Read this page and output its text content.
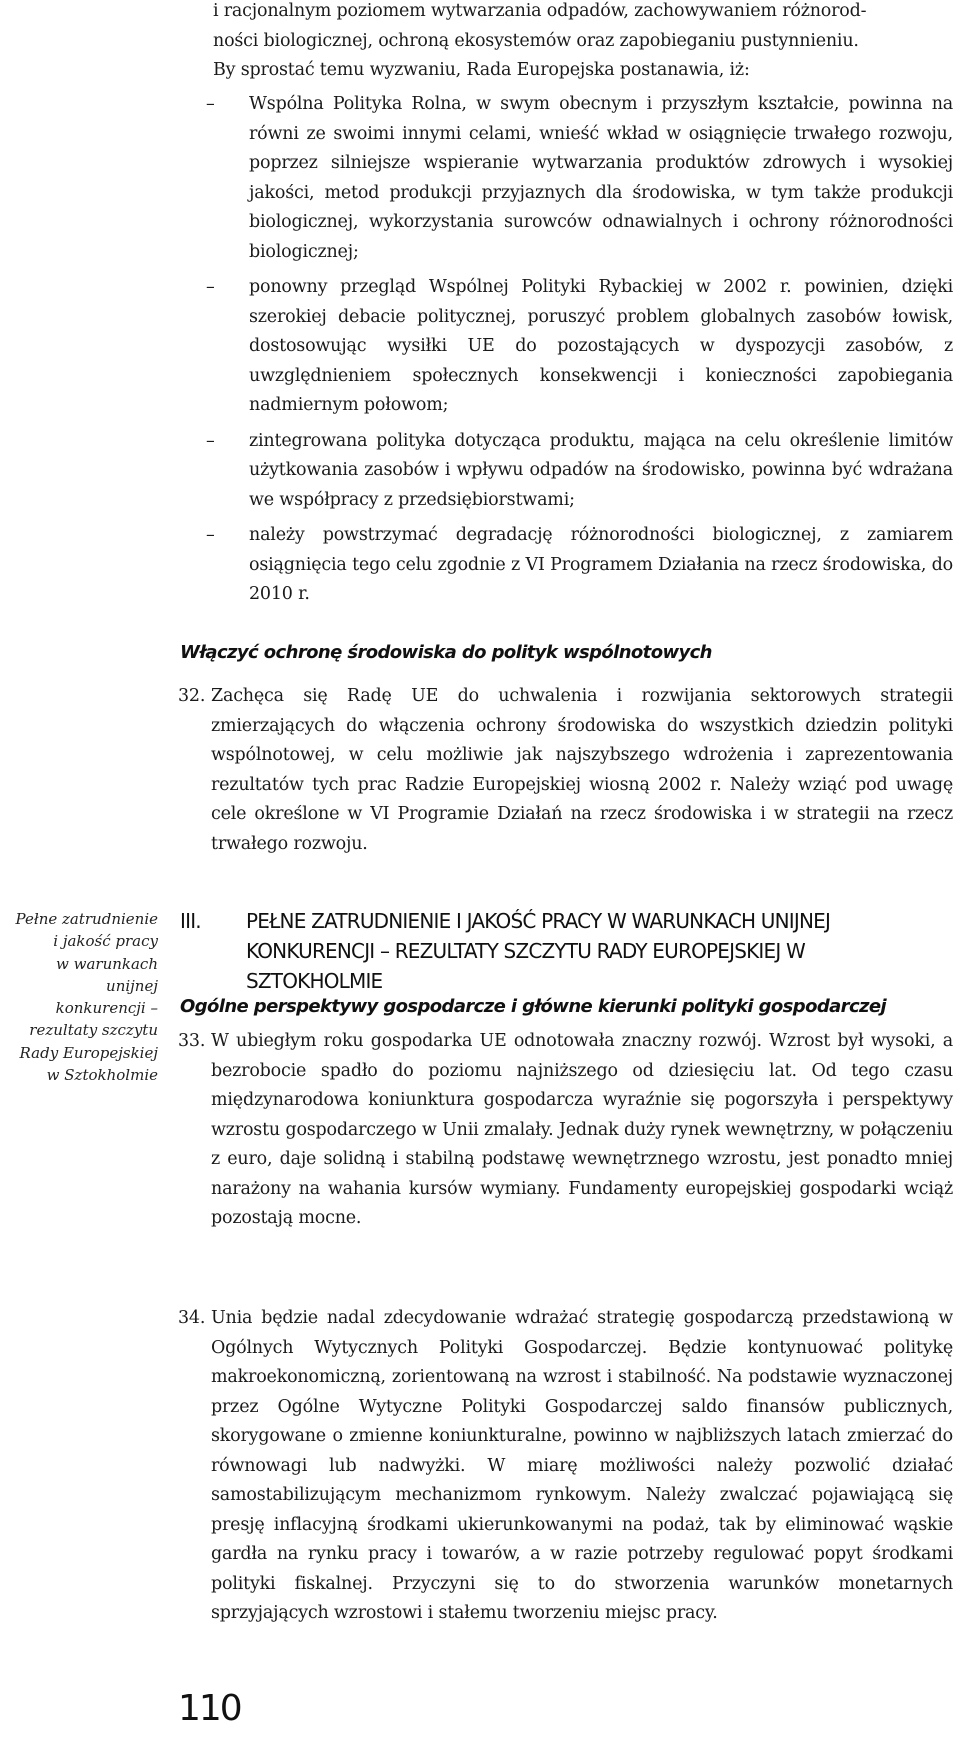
i racjonalnym poziomem wytwarzania odpadów, zachowywaniem różnorod-
ności biologicznej, ochroną ekosystemów oraz zapobieganiu pustynnieniu.
By sprostać temu wyzwaniu, Rada Europejska postanawia, iż:
– Wspólna Polityka Rolna, w swym obecnym i przyszłym kształcie, powinna na równi ze swoimi innymi celami, wnieść wkład w osiągnięcie trwałego rozwoju, poprzez silniejsze wspieranie wytwarzania produktów zdrowych i wysokiej jakości, metod produkcji przyjaznych dla środowiska, w tym także produkcji biologicznej, wykorzystania surowców odnawialnych i ochrony różnorodności biologicznej;
– ponowny przegląd Wspólnej Polityki Rybackiej w 2002 r. powinien, dzięki szerokiej debacie politycznej, poruszyć problem globalnych zasobów łowisk, dostosowując wysiłki UE do pozostających w dyspozycji zasobów, z uwzględnieniem społecznych konsekwencji i konieczności zapobiegania nadmiernym połowom;
– zintegrowana polityka dotycząca produktu, mająca na celu określenie limitów użytkowania zasobów i wpływu odpadów na środowisko, powinna być wdrażana we współpracy z przedsiębiorstwami;
– należy powstrzymać degradację różnorodności biologicznej, z zamiarem osiągnięcia tego celu zgodnie z VI Programem Działania na rzecz środowiska, do 2010 r.
Włączyć ochronę środowiska do polityk wspólnotowych
32. Zachęca się Radę UE do uchwalenia i rozwijania sektorowych strategii zmierzających do włączenia ochrony środowiska do wszystkich dziedzin polityki wspólnotowej, w celu możliwie jak najszybszego wdrożenia i zaprezentowania rezultatów tych prac Radzie Europejskiej wiosną 2002 r. Należy wziąć pod uwagę cele określone w VI Programie Działań na rzecz środowiska i w strategii na rzecz trwałego rozwoju.
Pełne zatrudnienie
i jakość pracy
w warunkach unijnej
konkurencji –
rezultaty szczytu
Rady Europejskiej
w Sztokholmie
III. PEŁNE ZATRUDNIENIE I JAKOŚĆ PRACY W WARUNKACH UNIJNEJ KONKURENCJI – REZULTATY SZCZYTU RADY EUROPEJSKIEJ W SZTOKHOLMIE
Ogólne perspektywy gospodarcze i główne kierunki polityki gospodarczej
33. W ubiegłym roku gospodarka UE odnotowała znaczny rozwój. Wzrost był wysoki, a bezrobocie spadło do poziomu najniższego od dziesięciu lat. Od tego czasu międzynarodowa koniunktura gospodarcza wyraźnie się pogorszyła i perspektywy wzrostu gospodarczego w Unii zmalały. Jednak duży rynek wewnętrzny, w połączeniu z euro, daje solidną i stabilną podstawę wewnętrznego wzrostu, jest ponadto mniej narażony na wahania kursów wymiany. Fundamenty europejskiej gospodarki wciąż pozostają mocne.
34. Unia będzie nadal zdecydowanie wdrażać strategię gospodarczą przedstawioną w Ogólnych Wytycznych Polityki Gospodarczej. Będzie kontynuować politykę makroekonomiczną, zorientowaną na wzrost i stabilność. Na podstawie wyznaczonej przez Ogólne Wytyczne Polityki Gospodarczej saldo finansów publicznych, skorygowane o zmienne koniunkturalne, powinno w najbliższych latach zmierzać do równowagi lub nadwyżki. W miarę możliwości należy pozwolić działać samostabilizującym mechanizmom rynkowym. Należy zwalczać pojawiającą się presję inflacyjną środkami ukierunkowanymi na podaż, tak by eliminować wąskie gardła na rynku pracy i towarów, a w razie potrzeby regulować popyt środkami polityki fiskalnej. Przyczyni się to do stworzenia warunków monetarnych sprzyjających wzrostowi i stałemu tworzeniu miejsc pracy.
110
